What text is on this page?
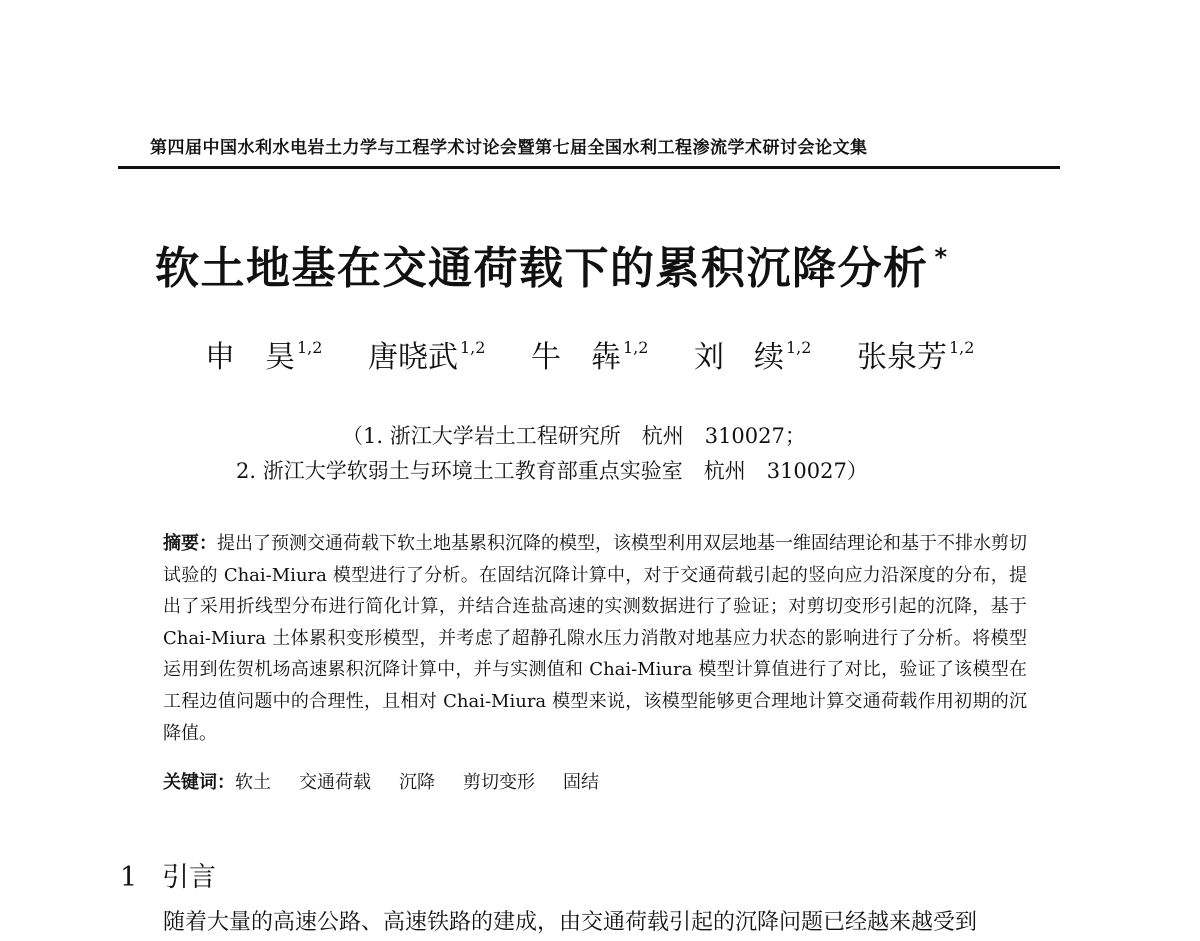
第四届中国水利水电岩土力学与工程学术讨论会暨第七届全国水利工程渗流学术研讨会论文集
软土地基在交通荷载下的累积沉降分析 *
申　昊 $^{1,2}$ 唐晓武 $^{1,2}$ 牛　犇 $^{1,2}$ 刘　续 $^{1,2}$ 张泉芳 $^{1,2}$
（1. 浙江大学岩土工程研究所　杭州　310027；
2. 浙江大学软弱土与环境土工教育部重点实验室　杭州　310027）
摘要：提出了预测交通荷载下软土地基累积沉降的模型，该模型利用双层地基一维固结理论和基于不排水剪切试验的 Chai-Miura 模型进行了分析。在固结沉降计算中，对于交通荷载引起的竖向应力沿深度的分布，提出了采用折线型分布进行简化计算，并结合连盐高速的实测数据进行了验证；对剪切变形引起的沉降，基于 Chai-Miura 土体累积变形模型，并考虑了超静孔隙水压力消散对地基应力状态的影响进行了分析。将模型运用到佐贺机场高速累积沉降计算中，并与实测值和 Chai-Miura 模型计算值进行了对比，验证了该模型在工程边值问题中的合理性，且相对 Chai-Miura 模型来说，该模型能够更合理地计算交通荷载作用初期的沉降值。
关键词：软土 交通荷载 沉降 剪切变形 固结
1 引言
随着大量的高速公路、高速铁路的建成，由交通荷载引起的沉降问题已经越来越受到
